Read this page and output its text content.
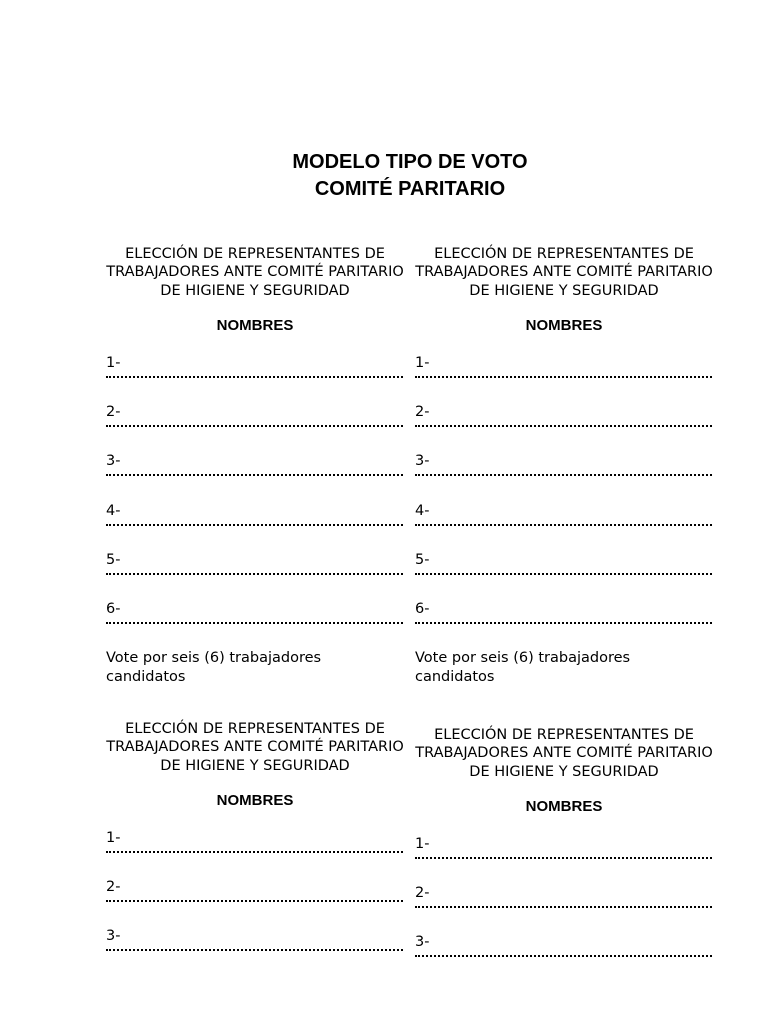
MODELO TIPO DE VOTO
COMITÉ PARITARIO
ELECCIÓN DE REPRESENTANTES DE TRABAJADORES ANTE COMITÉ PARITARIO DE HIGIENE Y SEGURIDAD
NOMBRES
1-
2-
3-
4-
5-
6-
Vote por seis (6) trabajadores candidatos
ELECCIÓN DE REPRESENTANTES DE TRABAJADORES ANTE COMITÉ PARITARIO DE HIGIENE Y SEGURIDAD
NOMBRES
1-
2-
3-
4-
5-
6-
Vote por seis (6) trabajadores candidatos
ELECCIÓN DE REPRESENTANTES DE TRABAJADORES ANTE COMITÉ PARITARIO DE HIGIENE Y SEGURIDAD
NOMBRES
1-
2-
3-
ELECCIÓN DE REPRESENTANTES DE TRABAJADORES ANTE COMITÉ PARITARIO DE HIGIENE Y SEGURIDAD
NOMBRES
1-
2-
3-
